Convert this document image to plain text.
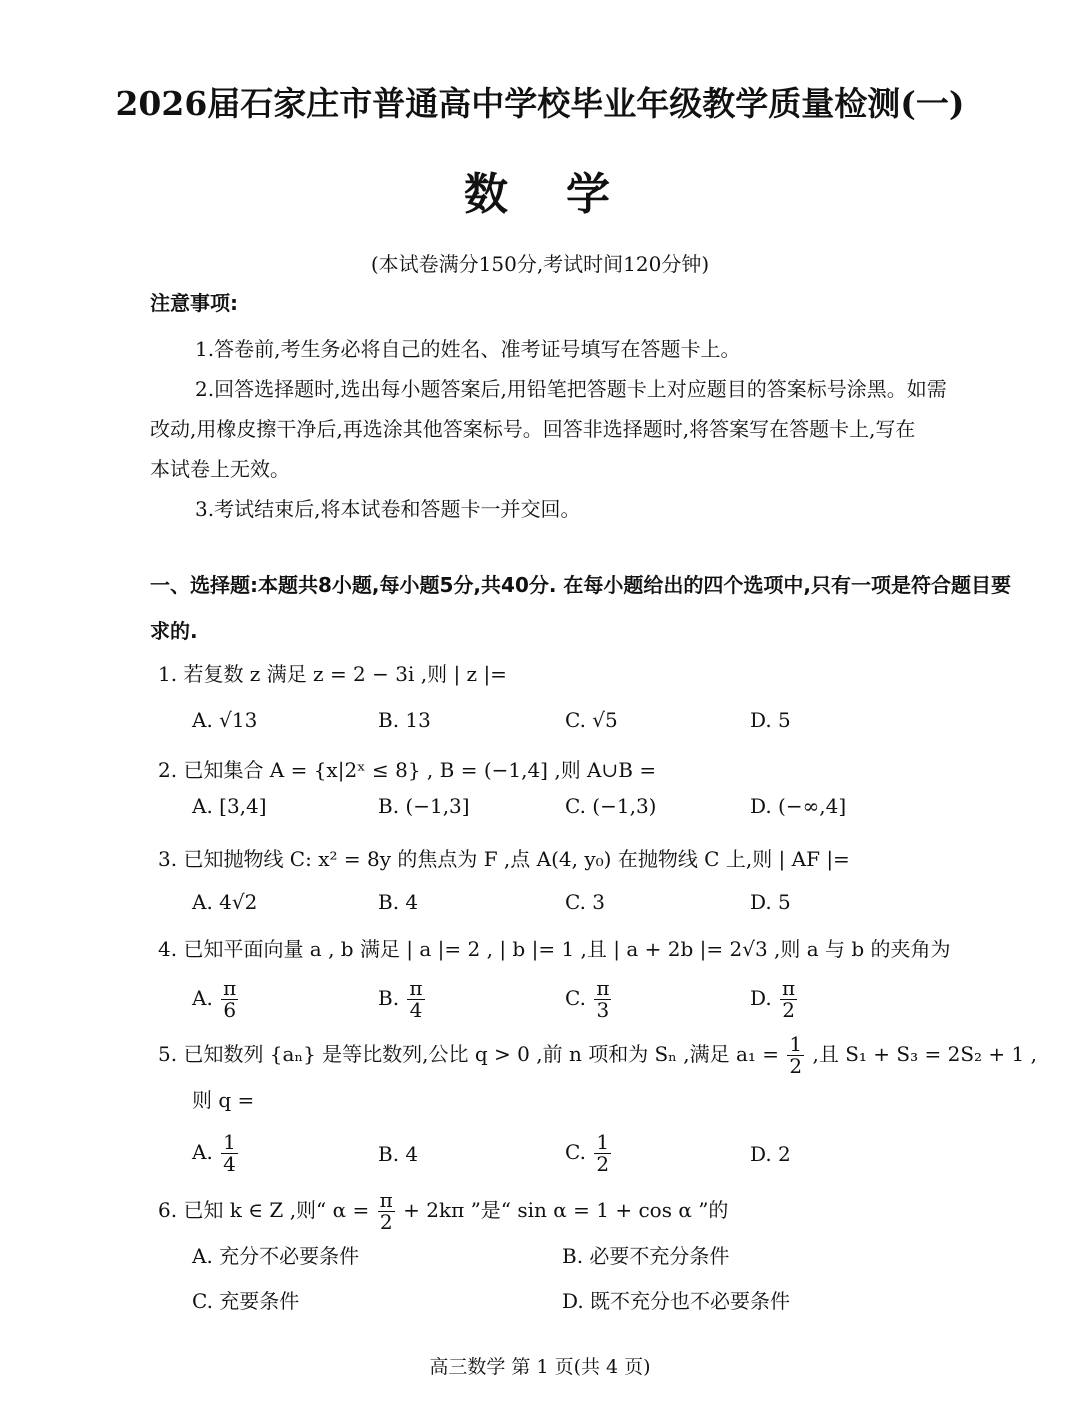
2026届石家庄市普通高中学校毕业年级教学质量检测(一)
数 学
(本试卷满分150分,考试时间120分钟)
注意事项:
1.答卷前,考生务必将自己的姓名、准考证号填写在答题卡上。
2.回答选择题时,选出每小题答案后,用铅笔把答题卡上对应题目的答案标号涂黑。如需
改动,用橡皮擦干净后,再选涂其他答案标号。回答非选择题时,将答案写在答题卡上,写在
本试卷上无效。
3.考试结束后,将本试卷和答题卡一并交回。
一、选择题:本题共8小题,每小题5分,共40分. 在每小题给出的四个选项中,只有一项是符合题目要求的.
1. 若复数 z 满足 z = 2 − 3i ,则 | z |=
A. √13	B. 13	C. √5	D. 5
2. 已知集合 A = {x|2ˣ ≤ 8} , B = (−1,4] ,则 A∪B =
A. [3,4]	B. (−1,3]	C. (−1,3)	D. (−∞,4]
3. 已知抛物线 C: x² = 8y 的焦点为 F ,点 A(4, y₀) 在抛物线 C 上,则 | AF |=
A. 4√2	B. 4	C. 3	D. 5
4. 已知平面向量 a , b 满足 | a |= 2 , | b |= 1 ,且 | a + 2b |= 2√3 ,则 a 与 b 的夹角为
A. $\frac{\pi}{6}$	B. $\frac{\pi}{4}$	C. $\frac{\pi}{3}$	D. $\frac{\pi}{2}$
5. 已知数列 {aₙ} 是等比数列,公比 q > 0 ,前 n 项和为 Sₙ ,满足 $a_1 = \frac{1}{2}$ ,且 S₁ + S₃ = 2S₂ + 1 ,
则 q =
A. $\frac{1}{4}$	B. 4	C. $\frac{1}{2}$	D. 2
6. 已知 k ∈ Z ,则“ $\alpha = \frac{\pi}{2} + 2k\pi$ ”是“ sin α = 1 + cos α ”的
A. 充分不必要条件	B. 必要不充分条件
C. 充要条件	D. 既不充分也不必要条件
高三数学 第 1 页(共 4 页)
